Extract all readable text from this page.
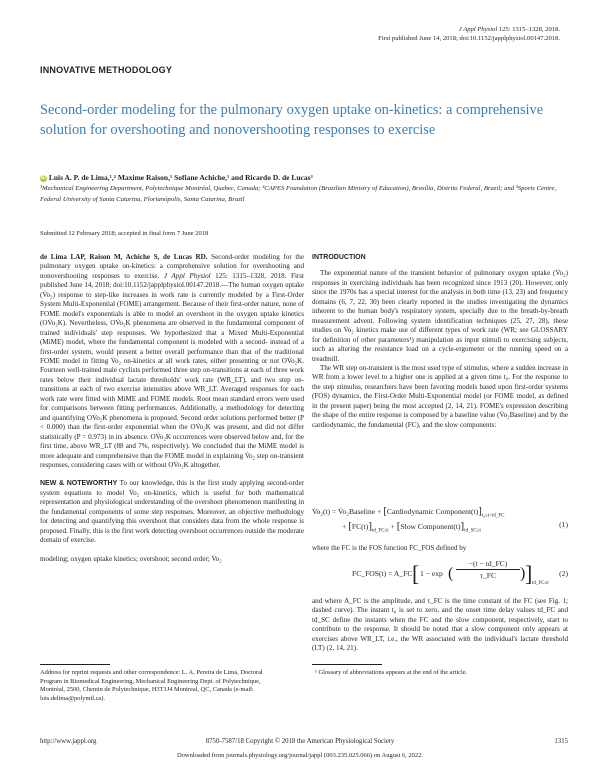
J Appl Physiol 125: 1315–1328, 2018.
First published June 14, 2018; doi:10.1152/japplphysiol.00147.2018.
INNOVATIVE METHODOLOGY
Second-order modeling for the pulmonary oxygen uptake on-kinetics: a comprehensive solution for overshooting and nonovershooting responses to exercise
iD Luis A. P. de Lima,¹,² Maxime Raison,¹ Sofiane Achiche,¹ and Ricardo D. de Lucas³
¹Mechanical Engineering Department, Polytechnique Montréal, Quebec, Canada; ²CAPES Foundation (Brazilian Ministry of Education), Brasília, Distrito Federal, Brazil; and ³Sports Centre, Federal University of Santa Catarina, Florianópolis, Santa Catarina, Brazil
Submitted 12 February 2018; accepted in final form 7 June 2018

de Lima LAP, Raison M, Achiche S, de Lucas RD. Second-order modeling for the pulmonary oxygen uptake on-kinetics: a comprehensive solution for overshooting and nonovershooting responses to exercise. J Appl Physiol 125: 1315–1328, 2018. First published June 14, 2018; doi:10.1152/japplphysiol.00147.2018.—The human oxygen uptake (V̇o₂) response to step-like increases in work rate is currently modeled by a First-Order System Multi-Exponential (FOME) arrangement. Because of their first-order nature, none of FOME model's exponentials is able to model an overshoot in the oxygen uptake kinetics (OV̇o₂K). Nevertheless, OV̇o₂K phenomena are observed in the fundamental component of trained individuals' step responses. We hypothesized that a Mixed Multi-Exponential (MiME) model, where the fundamental component is modeled with a second- instead of a first-order system, would present a better overall performance than that of the traditional FOME model in fitting V̇o₂ on-kinetics at all work rates, either presenting or not OV̇o₂K. Fourteen well-trained male cyclists performed three step on-transitions at each of three work rates below their individual lactate thresholds' work rate (WR_LT), and two step on-transitions at each of two exercise intensities above WR_LT. Averaged responses for each work rate were fitted with MiME and FOME models. Root mean standard errors were used for comparisons between fitting performances. Additionally, a methodology for detecting and quantifying OV̇o₂K phenomena is proposed. Second order solutions performed better (P < 0.000) than the first-order exponential when the OV̇o₂K was present, and did not differ statistically (P = 0.973) in its absence. OV̇o₂K occurrences were observed below and, for the first time, above WR_LT (88 and 7%, respectively). We concluded that the MiME model is more adequate and comprehensive than the FOME model in explaining V̇o₂ step on-transient responses, considering cases with or without OV̇o₂K altogether.

NEW & NOTEWORTHY To our knowledge, this is the first study applying second-order system equations to model V̇o₂ on-kinetics, which is useful for both mathematical representation and physiological understanding of the overshoot phenomenon manifesting in the fundamental components of some step responses. Moreover, an objective methodology for detecting and quantifying this overshoot that considers data from the whole response is proposed. Finally, this is the first work detecting overshoot occurrences outside the moderate domain of exercise.

modeling; oxygen uptake kinetics; overshoot; second order; V̇o₂

INTRODUCTION

The exponential nature of the transient behavior of pulmonary oxygen uptake (V̇o₂) responses in exercising individuals has been recognized since 1913 (20). However, only since the 1970s has a special interest for the analysis in both time (13, 23) and frequency domains (6, 7, 22, 30) been clearly reported in the studies investigating the dynamics inherent to the human body's respiratory system, specially due to the breath-by-breath measurement advent. Following system identification techniques (25, 27, 28), these studies on V̇o₂ kinetics make use of different types of work rate (WR; see GLOSSARY for definition of other parameters¹) manipulation as input stimuli to exercising subjects, such as altering the resistance load on a cycle-ergometer or the running speed on a treadmill.

The WR step on-transient is the most used type of stimulus, where a sudden increase in WR from a lower level to a higher one is applied at a given time t₀. For the response to the step stimulus, researchers have been favoring models based upon first-order systems (FOS) dynamics, the First-Order Multi-Exponential model (or FOME model, as defined in the present paper) being the most accepted (2, 14, 21). FOME's expression describing the shape of the entire response is composed by a baseline value (V̇o₂Baseline) and by the cardiodynamic, the fundamental (FC), and the slow components:

V̇o₂(t) = V̇o₂Baseline + [Cardiodynamic $Component(t)]_{t_0\le t<td\_FC}$
+ $[FC(t)]_{td\_FC\le t}$ + [Slow $Component(t)]_{td\_SC\le t}$
(1)

where the FC is the FOS function FC_FOS defined by

FC_FOS(t) = A_FC [ 1 − exp ( $\frac{-(t - td\_FC)}{\tau\_FC}$ ) ] td_FC≤t
(2)

and where A_FC is the amplitude, and τ_FC is the time constant of the FC (see Fig. 1; dashed curve). The instant t₀ is set to zero, and the onset time delay values td_FC and td_SC define the instants when the FC and the slow component, respectively, start to contribute to the response. It should be noted that a slow component only appears at exercises above WR_LT, i.e., the WR associated with the individual's lactate threshold (LT) (2, 14, 21).

Address for reprint requests and other correspondence: L. A. Pereira de Lima, Doctoral Program in Biomedical Engineering, Mechanical Engineering Dept. of Polytechnique, Montréal, 2500, Chemin de Polytechnique, H3T1J4 Montreal, QC, Canada (e-mail: luis.delima@polymtl.ca).
¹ Glossary of abbreviations appears at the end of the article.
http://www.jappl.org	8750-7587/18 Copyright © 2018 the American Physiological Society	1315
Downloaded from journals.physiology.org/journal/jappl (003.235.025.066) on August 6, 2022.
